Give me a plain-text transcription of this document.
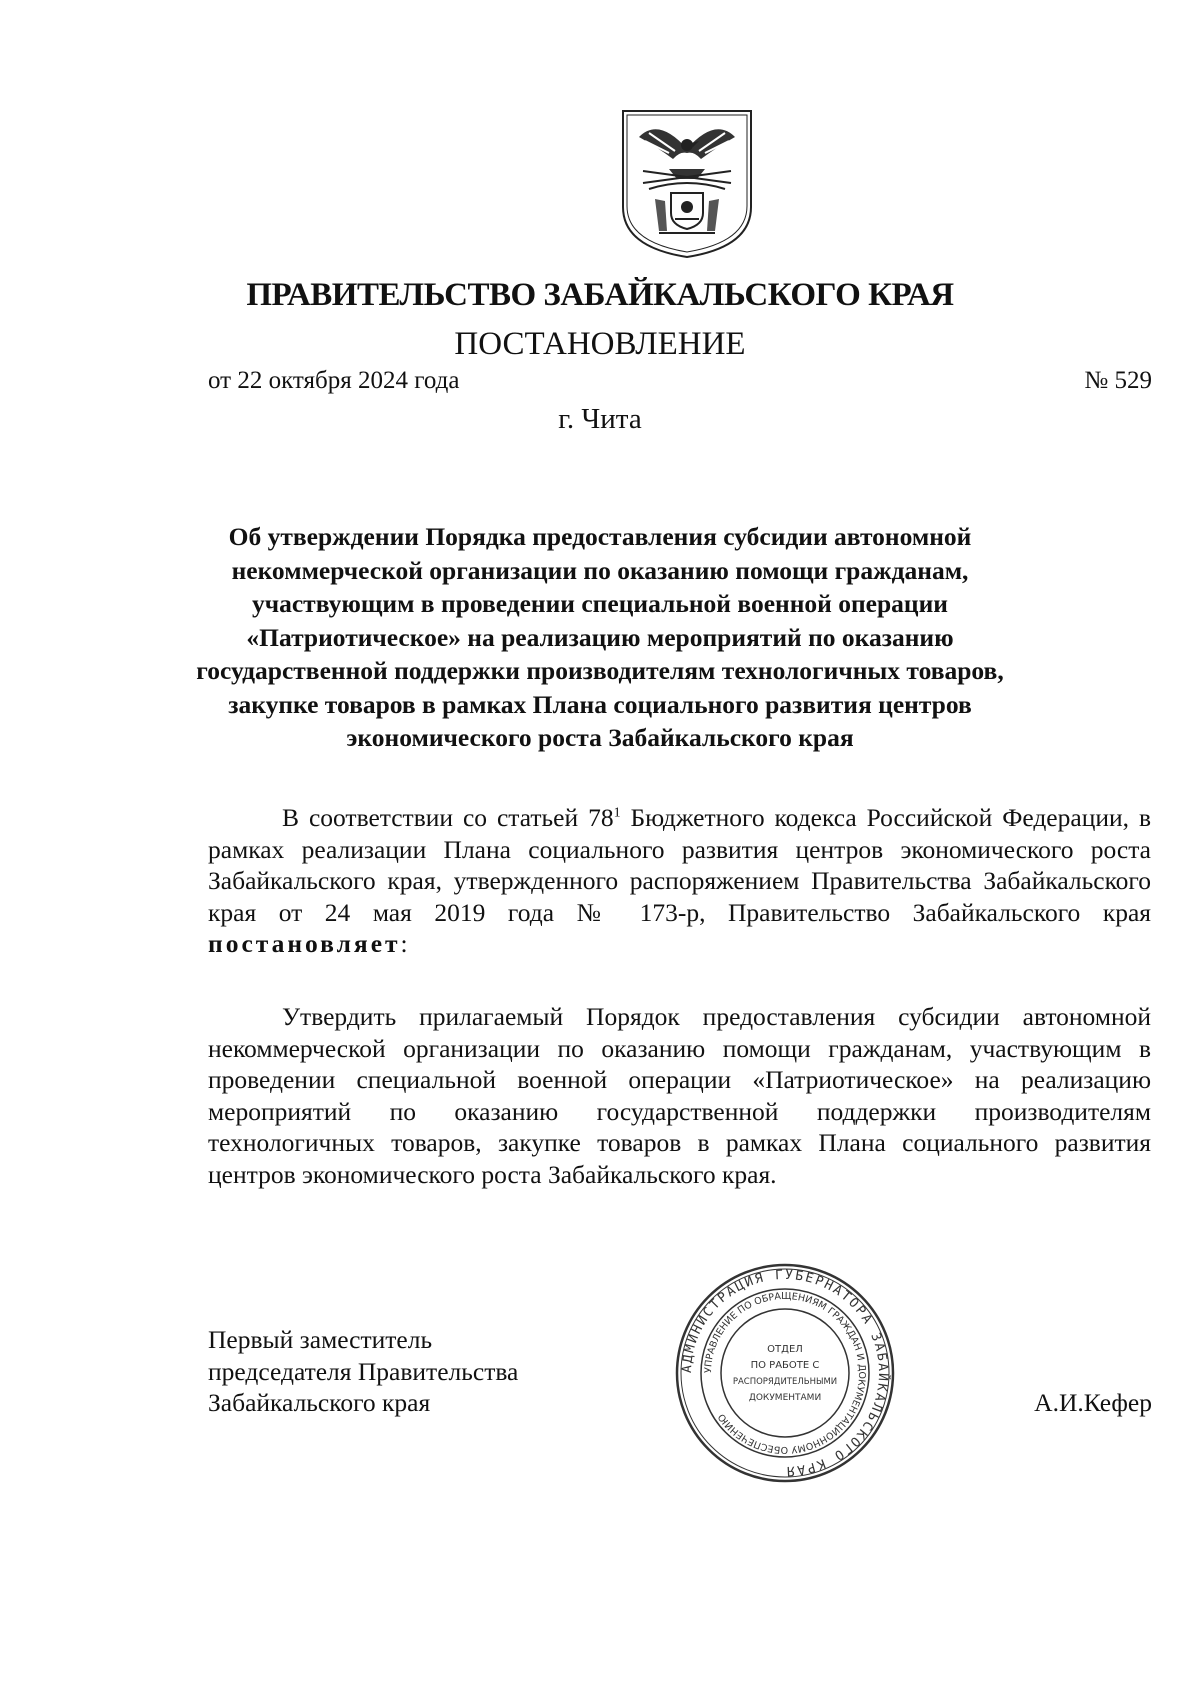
ПРАВИТЕЛЬСТВО ЗАБАЙКАЛЬСКОГО КРАЯ
ПОСТАНОВЛЕНИЕ
от 22 октября 2024 года	№ 529
г. Чита
Об утверждении Порядка предоставления субсидии автономной
некоммерческой организации по оказанию помощи гражданам,
участвующим в проведении специальной военной операции
«Патриотическое» на реализацию мероприятий по оказанию
государственной поддержки производителям технологичных товаров,
закупке товаров в рамках Плана социального развития центров
экономического роста Забайкальского края
В соответствии со статьей $78^1$ Бюджетного кодекса Российской Федерации, в рамках реализации Плана социального развития центров экономического роста Забайкальского края, утвержденного распоряжением Правительства Забайкальского края от 24 мая 2019 года № 173-р, Правительство Забайкальского края постановляет:
Утвердить прилагаемый Порядок предоставления субсидии автономной некоммерческой организации по оказанию помощи гражданам, участвующим в проведении специальной военной операции «Патриотическое» на реализацию мероприятий по оказанию государственной поддержки производителям технологичных товаров, закупке товаров в рамках Плана социального развития центров экономического роста Забайкальского края.
Первый заместитель
председателя Правительства
Забайкальского края	А.И.Кефер
АДМИНИСТРАЦИЯ ГУБЕРНАТОРА ЗАБАЙКАЛЬСКОГО КРАЯ
УПРАВЛЕНИЕ ПО ОБРАЩЕНИЯМ ГРАЖДАН И ДОКУМЕНТАЦИОННОМУ ОБЕСПЕЧЕНИЮ
ОТДЕЛ
ПО РАБОТЕ С
РАСПОРЯДИТЕЛЬНЫМИ
ДОКУМЕНТАМИ
